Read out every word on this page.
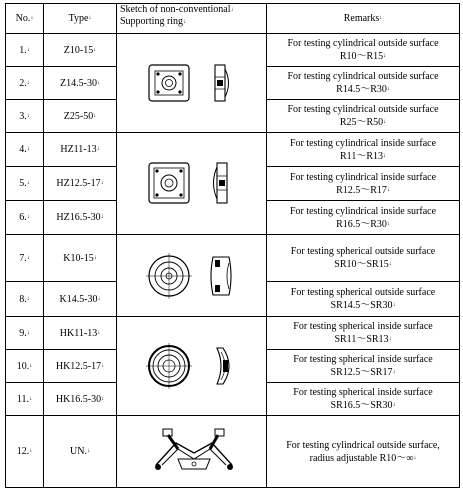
No.↓	Type↓	Sketch of non-conventional↓
Supporting ring↓	Remarks↓
1.↓	Z10-15↓		For testing cylindrical outside surface
R10～R15↓
2.↓	Z14.5-30↓		For testing cylindrical outside surface
R14.5～R30↓
3.↓	Z25-50↓		For testing cylindrical outside surface
R25～R50↓
4.↓	HZ11-13↓		For testing cylindrical inside surface
R11～R13↓
5.↓	HZ12.5-17↓		For testing cylindrical inside surface
R12.5～R17↓
6.↓	HZ16.5-30↓		For testing cylindrical inside surface
R16.5～R30↓
7.↓	K10-15↓		For testing spherical outside surface
SR10～SR15↓
8.↓	K14.5-30↓		For testing spherical outside surface
SR14.5～SR30↓
9.↓	HK11-13↓		For testing spherical inside surface
SR11～SR13↓
10.↓	HK12.5-17↓		For testing spherical inside surface
SR12.5～SR17↓
11.↓	HK16.5-30↓		For testing spherical inside surface
SR16.5～SR30↓
12.↓	UN.↓		For testing cylindrical outside surface,
radius adjustable R10～∞↓
